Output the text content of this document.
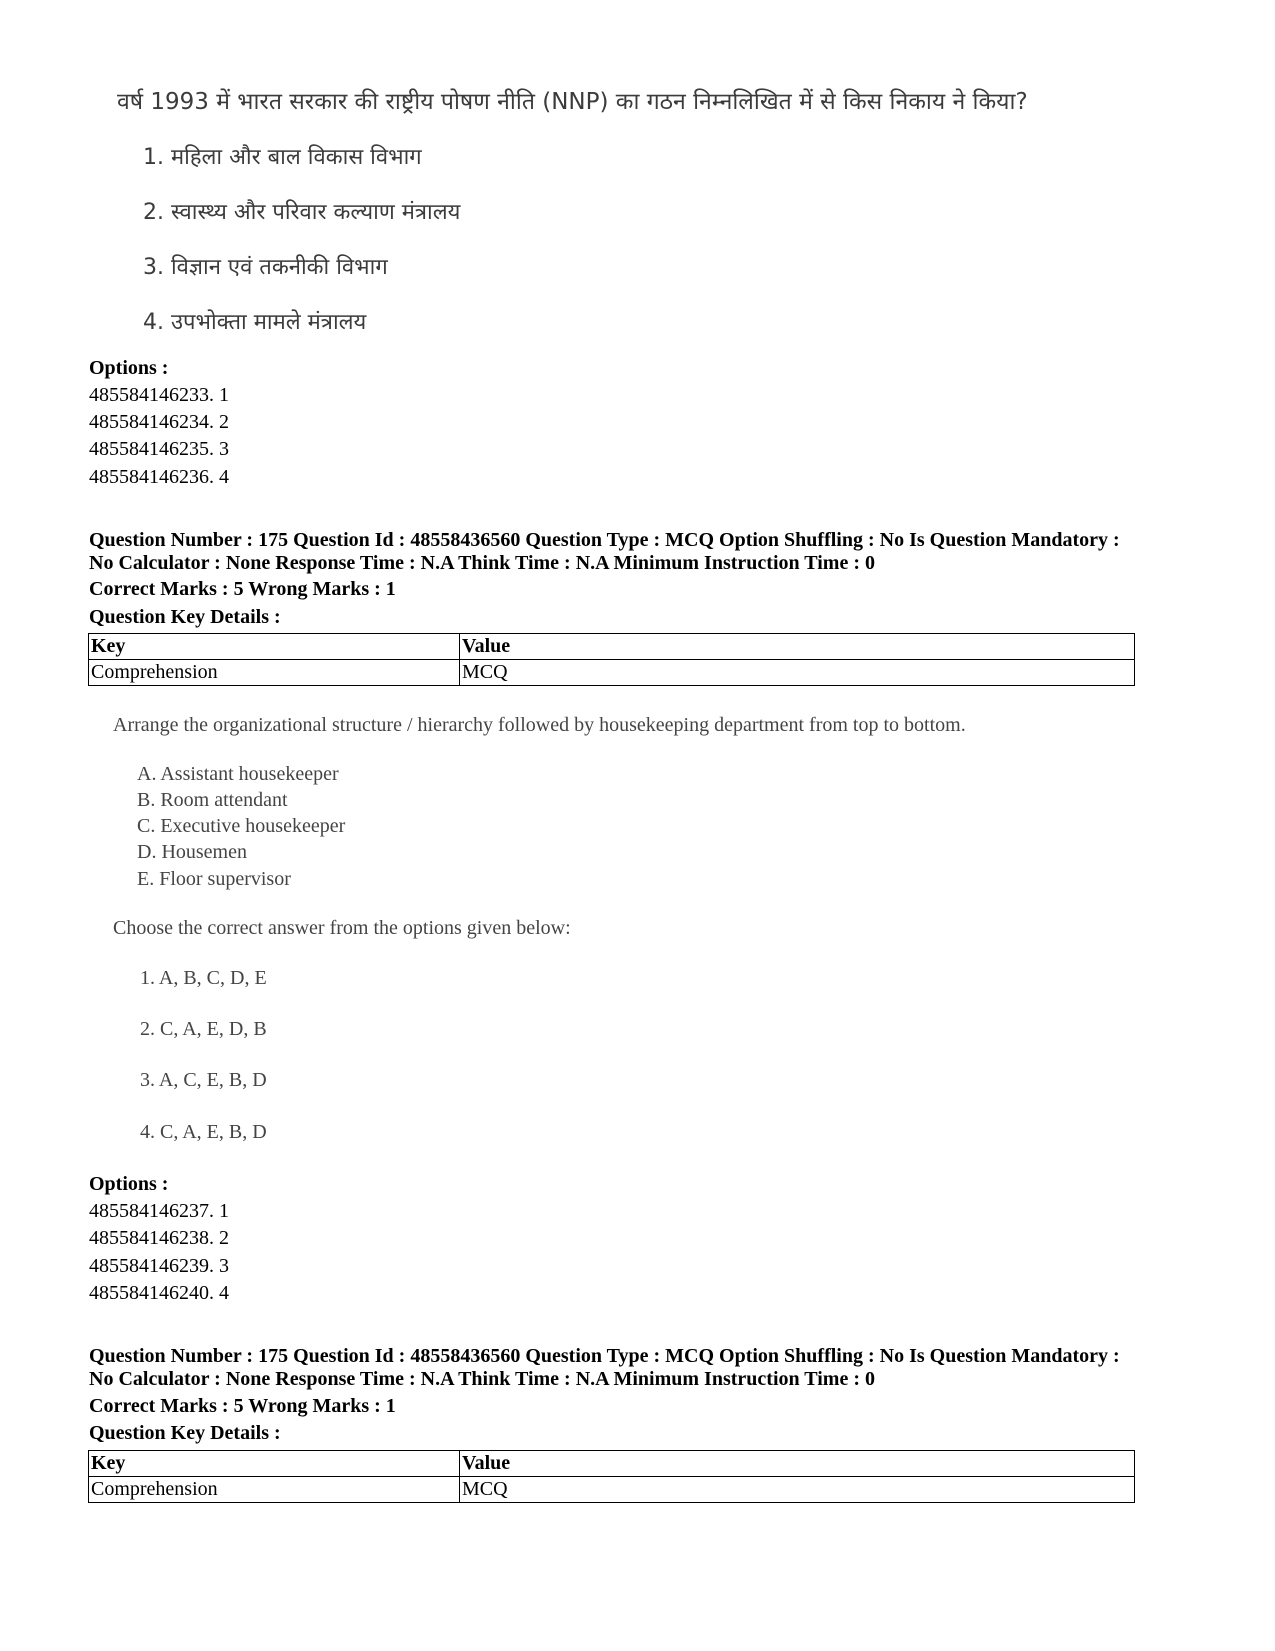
वर्ष 1993 में भारत सरकार की राष्ट्रीय पोषण नीति (NNP) का गठन निम्नलिखित में से किस निकाय ने किया?
1. महिला और बाल विकास विभाग
2. स्वास्थ्य और परिवार कल्याण मंत्रालय
3. विज्ञान एवं तकनीकी विभाग
4. उपभोक्ता मामले मंत्रालय
Options :
485584146233. 1
485584146234. 2
485584146235. 3
485584146236. 4
Question Number : 175 Question Id : 48558436560 Question Type : MCQ Option Shuffling : No Is Question Mandatory :
No Calculator : None Response Time : N.A Think Time : N.A Minimum Instruction Time : 0
Correct Marks : 5 Wrong Marks : 1
Question Key Details :
Key	Value
Comprehension	MCQ
Arrange the organizational structure / hierarchy followed by housekeeping department from top to bottom.
A. Assistant housekeeper
B. Room attendant
C. Executive housekeeper
D. Housemen
E. Floor supervisor
Choose the correct answer from the options given below:
1. A, B, C, D, E
2. C, A, E, D, B
3. A, C, E, B, D
4. C, A, E, B, D
Options :
485584146237. 1
485584146238. 2
485584146239. 3
485584146240. 4
Question Number : 175 Question Id : 48558436560 Question Type : MCQ Option Shuffling : No Is Question Mandatory :
No Calculator : None Response Time : N.A Think Time : N.A Minimum Instruction Time : 0
Correct Marks : 5 Wrong Marks : 1
Question Key Details :
Key	Value
Comprehension	MCQ
